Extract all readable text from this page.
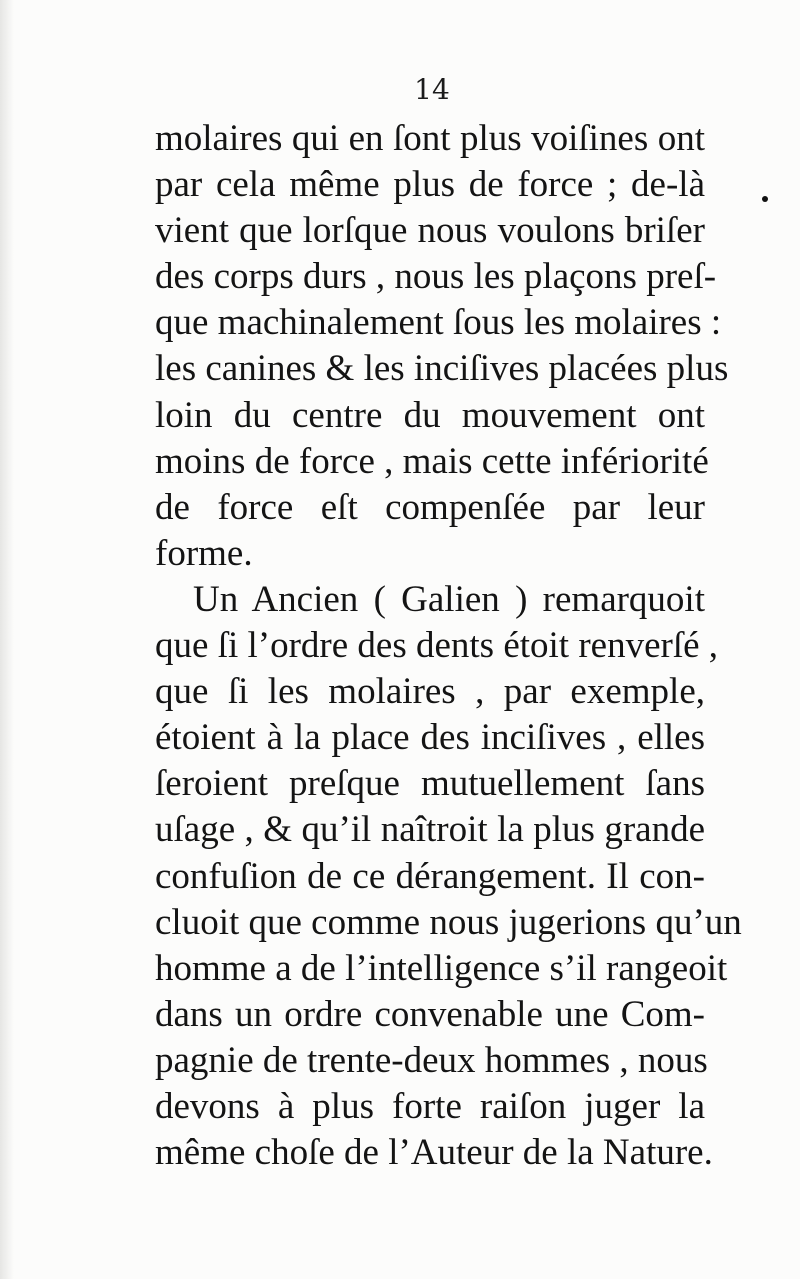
14
molaires qui en ſont plus voiſines ont
par cela même plus de force ; de-là
vient que lorſque nous voulons briſer
des corps durs , nous les plaçons preſ-
que machinalement ſous les molaires :
les canines & les inciſives placées plus
loin du centre du mouvement ont
moins de force , mais cette infériorité
de force eſt compenſée par leur
forme.
Un Ancien ( Galien ) remarquoit
que ſi l’ordre des dents étoit renverſé ,
que ſi les molaires , par exemple,
étoient à la place des inciſives , elles
ſeroient preſque mutuellement ſans
uſage , & qu’il naîtroit la plus grande
confuſion de ce dérangement. Il con-
cluoit que comme nous jugerions qu’un
homme a de l’intelligence s’il rangeoit
dans un ordre convenable une Com-
pagnie de trente-deux hommes , nous
devons à plus forte raiſon juger la
même choſe de l’Auteur de la Nature.
